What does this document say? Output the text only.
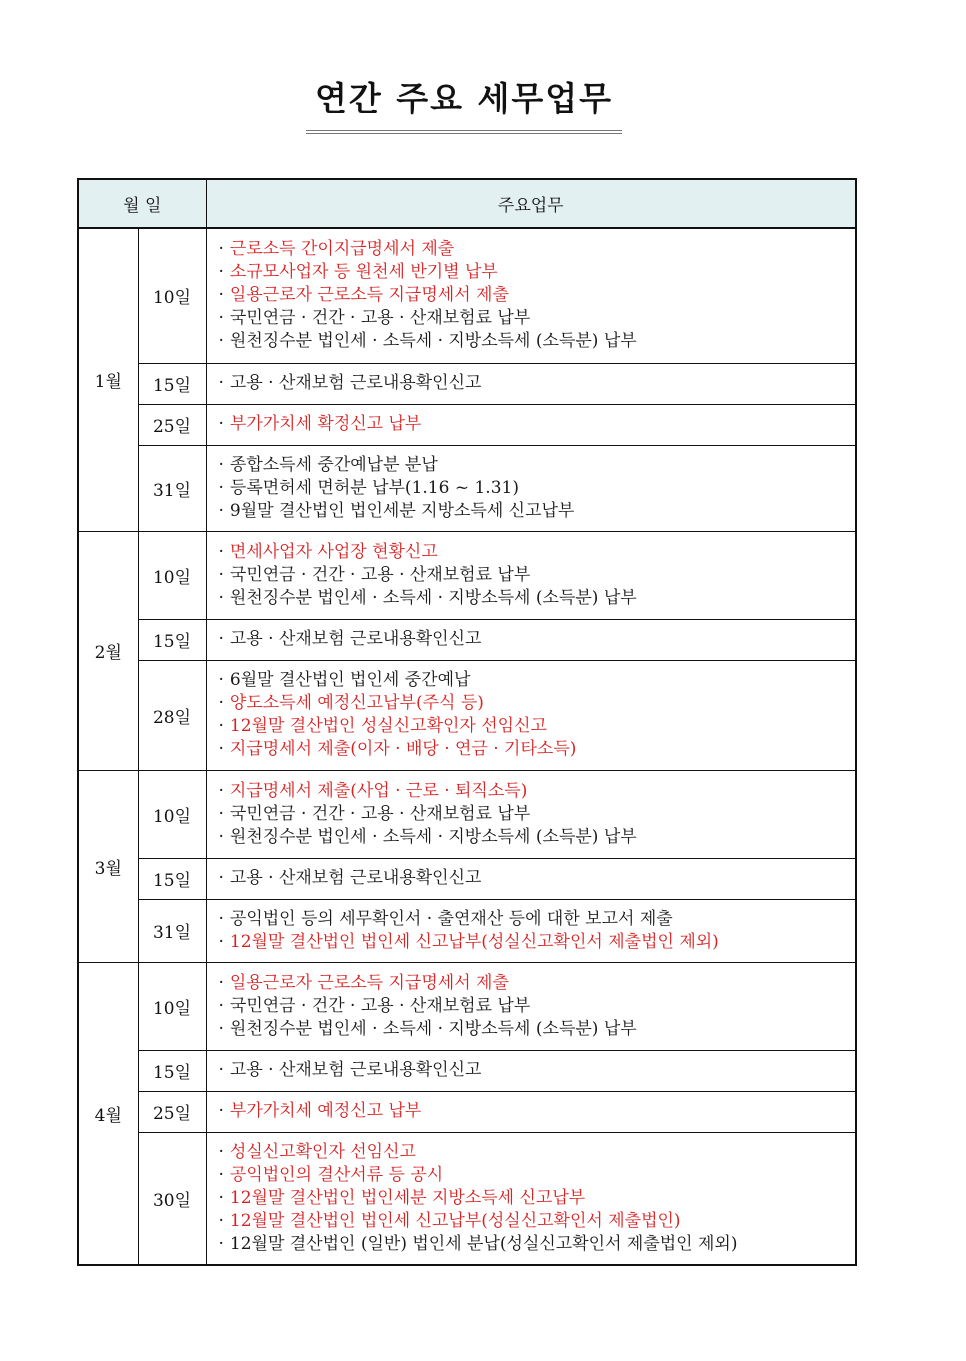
연간 주요 세무업무
월 일		주요업무
1월	10일	· 근로소득 간이지급명세서 제출
· 소규모사업자 등 원천세 반기별 납부
· 일용근로자 근로소득 지급명세서 제출
· 국민연금 · 건간 · 고용 · 산재보험료 납부
· 원천징수분 법인세 · 소득세 · 지방소득세 (소득분) 납부

	15일	· 고용 · 산재보험 근로내용확인신고

	25일	· 부가가치세 확정신고 납부

	31일	· 종합소득세 중간예납분 분납
· 등록면허세 면허분 납부(1.16 ~ 1.31)
· 9월말 결산법인 법인세분 지방소득세 신고납부

2월	10일	· 면세사업자 사업장 현황신고
· 국민연금 · 건간 · 고용 · 산재보험료 납부
· 원천징수분 법인세 · 소득세 · 지방소득세 (소득분) 납부

	15일	· 고용 · 산재보험 근로내용확인신고

	28일	· 6월말 결산법인 법인세 중간예납
· 양도소득세 예정신고납부(주식 등)
· 12월말 결산법인 성실신고확인자 선임신고
· 지급명세서 제출(이자 · 배당 · 연금 · 기타소득)

3월	10일	· 지급명세서 제출(사업 · 근로 · 퇴직소득)
· 국민연금 · 건간 · 고용 · 산재보험료 납부
· 원천징수분 법인세 · 소득세 · 지방소득세 (소득분) 납부

	15일	· 고용 · 산재보험 근로내용확인신고

	31일	· 공익법인 등의 세무확인서 · 출연재산 등에 대한 보고서 제출
· 12월말 결산법인 법인세 신고납부(성실신고확인서 제출법인 제외)

4월	10일	· 일용근로자 근로소득 지급명세서 제출
· 국민연금 · 건간 · 고용 · 산재보험료 납부
· 원천징수분 법인세 · 소득세 · 지방소득세 (소득분) 납부

	15일	· 고용 · 산재보험 근로내용확인신고

	25일	· 부가가치세 예정신고 납부

	30일	· 성실신고확인자 선임신고
· 공익법인의 결산서류 등 공시
· 12월말 결산법인 법인세분 지방소득세 신고납부
· 12월말 결산법인 법인세 신고납부(성실신고확인서 제출법인)
· 12월말 결산법인 (일반) 법인세 분납(성실신고확인서 제출법인 제외)
